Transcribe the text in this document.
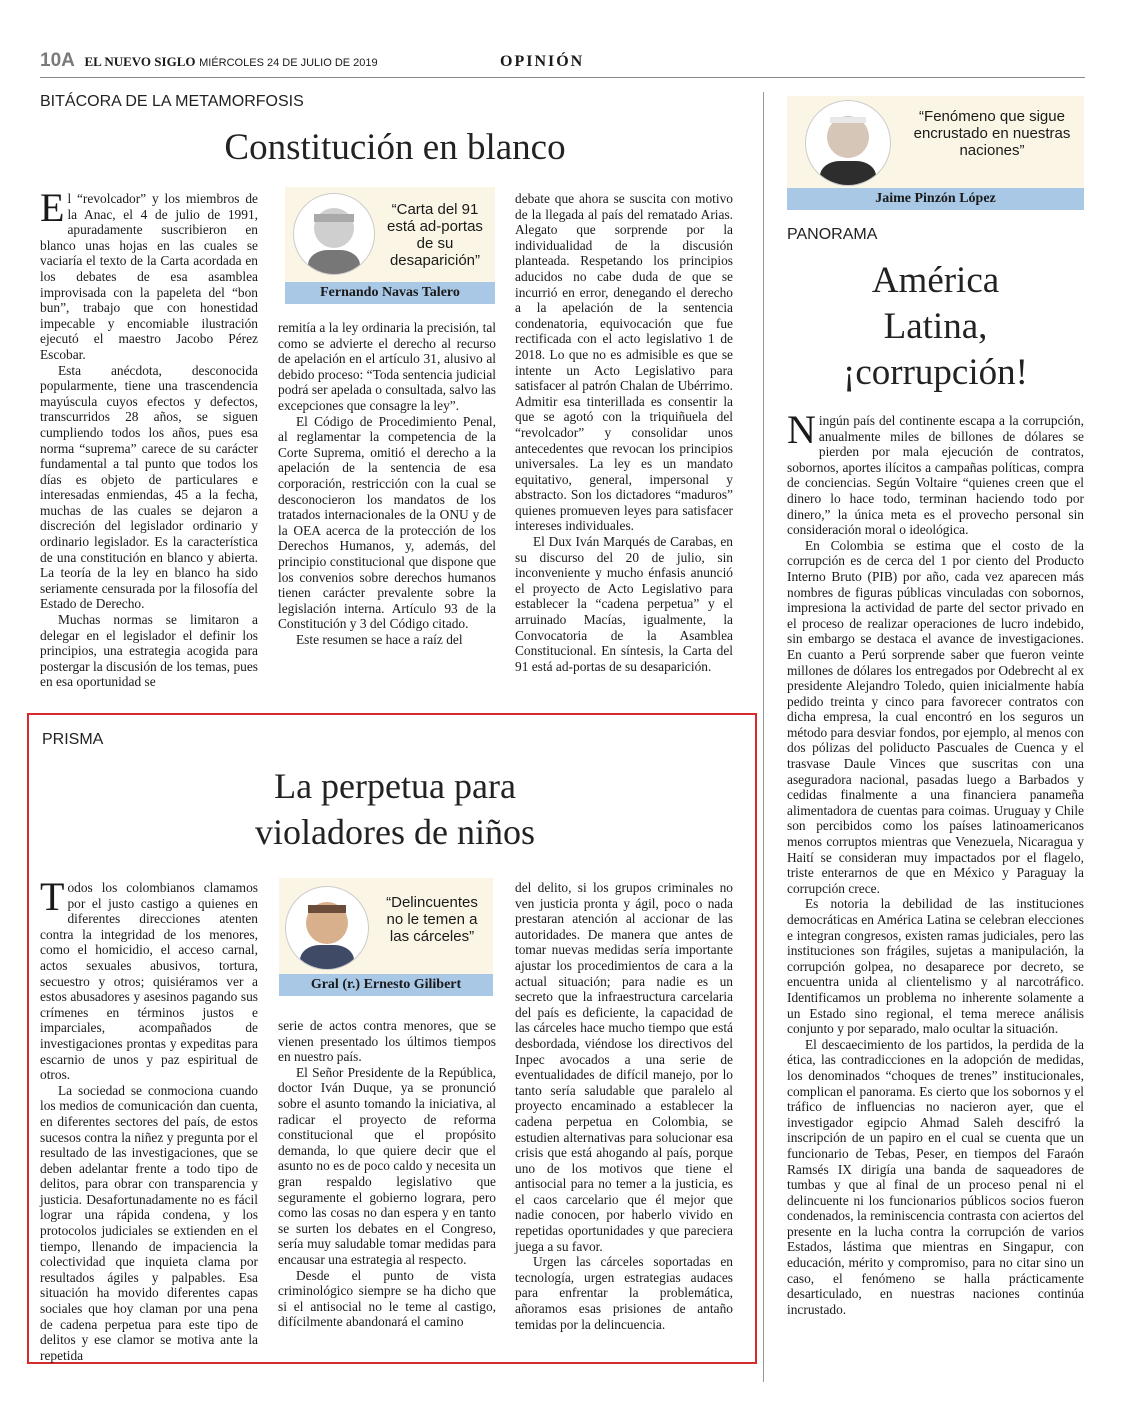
10A EL NUEVO SIGLO MIÉRCOLES 24 DE JULIO DE 2019	OPINIÓN
BITÁCORA DE LA METAMORFOSIS
Constitución en blanco

El “revolcador” y los miembros de la Anac, el 4 de julio de 1991, apuradamente suscribieron en blanco unas hojas en las cuales se vaciaría el texto de la Carta acordada en los debates de esa asamblea improvisada con la papeleta del “bon bun”, trabajo que con honestidad impecable y encomiable ilustración ejecutó el maestro Jacobo Pérez Escobar.

Esta anécdota, desconocida popularmente, tiene una trascendencia mayúscula cuyos efectos y defectos, transcurridos 28 años, se siguen cumpliendo todos los años, pues esa norma “suprema” carece de su carácter fundamental a tal punto que todos los días es objeto de particulares e interesadas enmiendas, 45 a la fecha, muchas de las cuales se dejaron a discreción del legislador ordinario y ordinario legislador. Es la característica de una constitución en blanco y abierta. La teoría de la ley en blanco ha sido seriamente censurada por la filosofía del Estado de Derecho.

Muchas normas se limitaron a delegar en el legislador el definir los principios, una estrategia acogida para postergar la discusión de los temas, pues en esa oportunidad se

“Carta del 91 está ad-portas de su desaparición”
Fernando Navas Talero

remitía a la ley ordinaria la precisión, tal como se advierte el derecho al recurso de apelación en el artículo 31, alusivo al debido proceso: “Toda sentencia judicial podrá ser apelada o consultada, salvo las excepciones que consagre la ley”.

El Código de Procedimiento Penal, al reglamentar la competencia de la Corte Suprema, omitió el derecho a la apelación de la sentencia de esa corporación, restricción con la cual se desconocieron los mandatos de los tratados internacionales de la ONU y de la OEA acerca de la protección de los Derechos Humanos, y, además, del principio constitucional que dispone que los convenios sobre derechos humanos tienen carácter prevalente sobre la legislación interna. Artículo 93 de la Constitución y 3 del Código citado.

Este resumen se hace a raíz del

debate que ahora se suscita con motivo de la llegada al país del rematado Arias. Alegato que sorprende por la individualidad de la discusión planteada. Respetando los principios aducidos no cabe duda de que se incurrió en error, denegando el derecho a la apelación de la sentencia condenatoria, equivocación que fue rectificada con el acto legislativo 1 de 2018. Lo que no es admisible es que se intente un Acto Legislativo para satisfacer al patrón Chalan de Ubérrimo. Admitir esa tinterillada es consentir la que se agotó con la triquiñuela del “revolcador” y consolidar unos antecedentes que revocan los principios universales. La ley es un mandato equitativo, general, impersonal y abstracto. Son los dictadores “maduros” quienes promueven leyes para satisfacer intereses individuales.

El Dux Iván Marqués de Carabas, en su discurso del 20 de julio, sin inconveniente y mucho énfasis anunció el proyecto de Acto Legislativo para establecer la “cadena perpetua” y el arruinado Macías, igualmente, la Convocatoria de la Asamblea Constitucional. En síntesis, la Carta del 91 está ad-portas de su desaparición.

PRISMA
La perpetua para
violadores de niños

Todos los colombianos clamamos por el justo castigo a quienes en diferentes direcciones atenten contra la integridad de los menores, como el homicidio, el acceso carnal, actos sexuales abusivos, tortura, secuestro y otros; quisiéramos ver a estos abusadores y asesinos pagando sus crímenes en términos justos e imparciales, acompañados de investigaciones prontas y expeditas para escarnio de unos y paz espiritual de otros.

La sociedad se conmociona cuando los medios de comunicación dan cuenta, en diferentes sectores del país, de estos sucesos contra la niñez y pregunta por el resultado de las investigaciones, que se deben adelantar frente a todo tipo de delitos, para obrar con transparencia y justicia. Desafortunadamente no es fácil lograr una rápida condena, y los protocolos judiciales se extienden en el tiempo, llenando de impaciencia la colectividad que inquieta clama por resultados ágiles y palpables. Esa situación ha movido diferentes capas sociales que hoy claman por una pena de cadena perpetua para este tipo de delitos y ese clamor se motiva ante la repetida

“Delincuentes no le temen a las cárceles”
Gral (r.) Ernesto Gilibert

serie de actos contra menores, que se vienen presentado los últimos tiempos en nuestro país.

El Señor Presidente de la República, doctor Iván Duque, ya se pronunció sobre el asunto tomando la iniciativa, al radicar el proyecto de reforma constitucional que el propósito demanda, lo que quiere decir que el asunto no es de poco caldo y necesita un gran respaldo legislativo que seguramente el gobierno lograra, pero como las cosas no dan espera y en tanto se surten los debates en el Congreso, sería muy saludable tomar medidas para encausar una estrategia al respecto.

Desde el punto de vista criminológico siempre se ha dicho que si el antisocial no le teme al castigo, difícilmente abandonará el camino

del delito, si los grupos criminales no ven justicia pronta y ágil, poco o nada prestaran atención al accionar de las autoridades. De manera que antes de tomar nuevas medidas sería importante ajustar los procedimientos de cara a la actual situación; para nadie es un secreto que la infraestructura carcelaria del país es deficiente, la capacidad de las cárceles hace mucho tiempo que está desbordada, viéndose los directivos del Inpec avocados a una serie de eventualidades de difícil manejo, por lo tanto sería saludable que paralelo al proyecto encaminado a establecer la cadena perpetua en Colombia, se estudien alternativas para solucionar esa crisis que está ahogando al país, porque uno de los motivos que tiene el antisocial para no temer a la justicia, es el caos carcelario que él mejor que nadie conocen, por haberlo vivido en repetidas oportunidades y que pareciera juega a su favor.

Urgen las cárceles soportadas en tecnología, urgen estrategias audaces para enfrentar la problemática, añoramos esas prisiones de antaño temidas por la delincuencia.

“Fenómeno que sigue encrustado en nuestras naciones”
Jaime Pinzón López
PANORAMA
América
Latina,
¡corrupción!

Ningún país del continente escapa a la corrupción, anualmente miles de billones de dólares se pierden por mala ejecución de contratos, sobornos, aportes ilícitos a campañas políticas, compra de conciencias. Según Voltaire “quienes creen que el dinero lo hace todo, terminan haciendo todo por dinero,” la única meta es el provecho personal sin consideración moral o ideológica.

En Colombia se estima que el costo de la corrupción es de cerca del 1 por ciento del Producto Interno Bruto (PIB) por año, cada vez aparecen más nombres de figuras públicas vinculadas con sobornos, impresiona la actividad de parte del sector privado en el proceso de realizar operaciones de lucro indebido, sin embargo se destaca el avance de investigaciones. En cuanto a Perú sorprende saber que fueron veinte millones de dólares los entregados por Odebrecht al ex presidente Alejandro Toledo, quien inicialmente había pedido treinta y cinco para favorecer contratos con dicha empresa, la cual encontró en los seguros un método para desviar fondos, por ejemplo, al menos con dos pólizas del poliducto Pascuales de Cuenca y el trasvase Daule Vinces que suscritas con una aseguradora nacional, pasadas luego a Barbados y cedidas finalmente a una financiera panameña alimentadora de cuentas para coimas. Uruguay y Chile son percibidos como los países latinoamericanos menos corruptos mientras que Venezuela, Nicaragua y Haití se consideran muy impactados por el flagelo, triste enterarnos de que en México y Paraguay la corrupción crece.

Es notoria la debilidad de las instituciones democráticas en América Latina se celebran elecciones e integran congresos, existen ramas judiciales, pero las instituciones son frágiles, sujetas a manipulación, la corrupción golpea, no desaparece por decreto, se encuentra unida al clientelismo y al narcotráfico. Identificamos un problema no inherente solamente a un Estado sino regional, el tema merece análisis conjunto y por separado, malo ocultar la situación.

El descaecimiento de los partidos, la perdida de la ética, las contradicciones en la adopción de medidas, los denominados “choques de trenes” institucionales, complican el panorama. Es cierto que los sobornos y el tráfico de influencias no nacieron ayer, que el investigador egipcio Ahmad Saleh descifró la inscripción de un papiro en el cual se cuenta que un funcionario de Tebas, Peser, en tiempos del Faraón Ramsés IX dirigía una banda de saqueadores de tumbas y que al final de un proceso penal ni el delincuente ni los funcionarios públicos socios fueron condenados, la reminiscencia contrasta con aciertos del presente en la lucha contra la corrupción de varios Estados, lástima que mientras en Singapur, con educación, mérito y compromiso, para no citar sino un caso, el fenómeno se halla prácticamente desarticulado, en nuestras naciones continúa incrustado.
